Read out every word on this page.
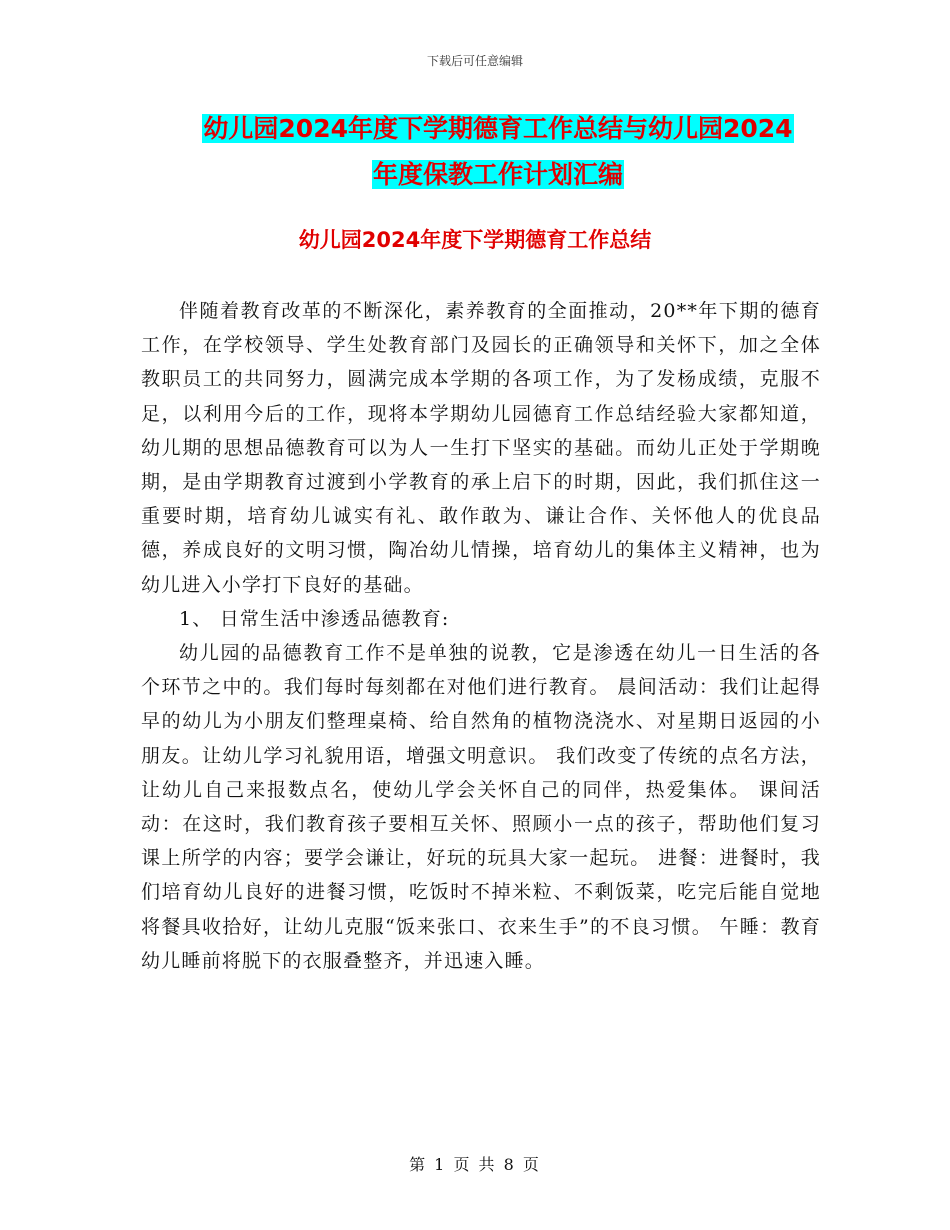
下载后可任意编辑
幼儿园2024年度下学期德育工作总结与幼儿园2024
年度保教工作计划汇编
幼儿园2024年度下学期德育工作总结

伴随着教育改革的不断深化，素养教育的全面推动，20**年下期的德育工作，在学校领导、学生处教育部门及园长的正确领导和关怀下，加之全体教职员工的共同努力，圆满完成本学期的各项工作，为了发杨成绩，克服不足，以利用今后的工作，现将本学期幼儿园德育工作总结经验大家都知道，幼儿期的思想品德教育可以为人一生打下坚实的基础。而幼儿正处于学期晚期，是由学期教育过渡到小学教育的承上启下的时期，因此，我们抓住这一重要时期，培育幼儿诚实有礼、敢作敢为、谦让合作、关怀他人的优良品德，养成良好的文明习惯，陶冶幼儿情操，培育幼儿的集体主义精神，也为幼儿进入小学打下良好的基础。

1、 日常生活中渗透品德教育:

幼儿园的品德教育工作不是单独的说教，它是渗透在幼儿一日生活的各个环节之中的。我们每时每刻都在对他们进行教育。 晨间活动：我们让起得早的幼儿为小朋友们整理桌椅、给自然角的植物浇浇水、对星期日返园的小朋友。让幼儿学习礼貌用语，增强文明意识。 我们改变了传统的点名方法，让幼儿自己来报数点名，使幼儿学会关怀自己的同伴，热爱集体。 课间活动：在这时，我们教育孩子要相互关怀、照顾小一点的孩子，帮助他们复习课上所学的内容；要学会谦让，好玩的玩具大家一起玩。 进餐：进餐时，我们培育幼儿良好的进餐习惯，吃饭时不掉米粒、不剩饭菜，吃完后能自觉地将餐具收拾好，让幼儿克服“饭来张口、衣来生手”的不良习惯。 午睡：教育幼儿睡前将脱下的衣服叠整齐，并迅速入睡。

第 1 页 共 8 页
